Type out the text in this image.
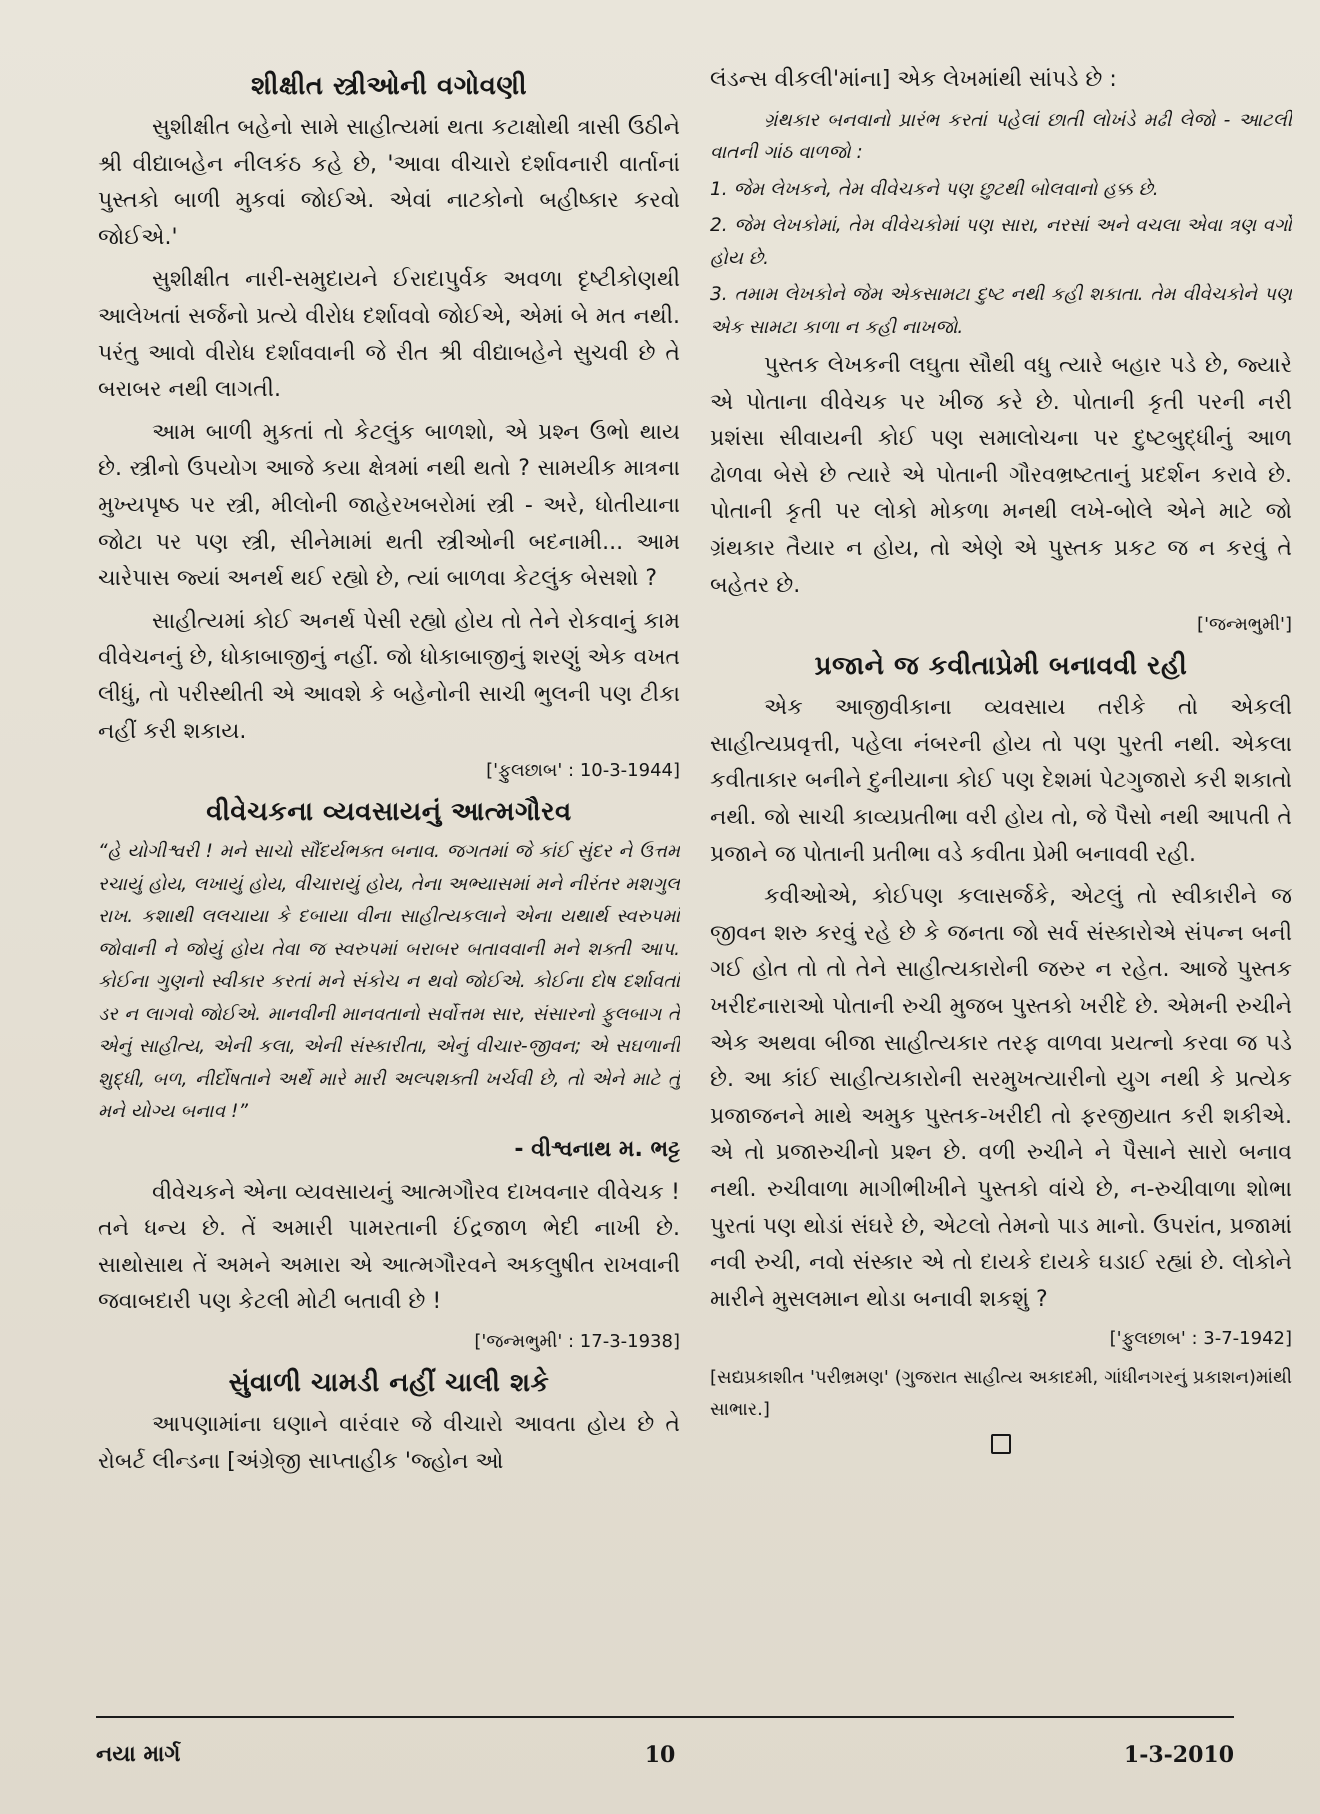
શીક્ષીત સ્ત્રીઓની વગોવણી

સુશીક્ષીત બહેનો સામે સાહીત્યમાં થતા કટાક્ષોથી ત્રાસી ઉઠીને શ્રી વીદ્યાબહેન નીલકંઠ કહે છે, 'આવા વીચારો દર્શાવનારી વાર્તાનાં પુસ્તકો બાળી મુકવાં જોઈએ. એવાં નાટકોનો બહીષ્કાર કરવો જોઈએ.'

સુશીક્ષીત નારી-સમુદાયને ઈરાદાપુર્વક અવળા દૃષ્ટીકોણથી આલેખતાં સર્જનો પ્રત્યે વીરોધ દર્શાવવો જોઈએ, એમાં બે મત નથી. પરંતુ આવો વીરોધ દર્શાવવાની જે રીત શ્રી વીદ્યાબહેને સુચવી છે તે બરાબર નથી લાગતી.

આમ બાળી મુકતાં તો કેટલુંક બાળશો, એ પ્રશ્ન ઉભો થાય છે. સ્ત્રીનો ઉપયોગ આજે કયા ક્ષેત્રમાં નથી થતો ? સામયીક માત્રના મુખ્યપૃષ્ઠ પર સ્ત્રી, મીલોની જાહેરખબરોમાં સ્ત્રી - અરે, ધોતીયાના જોટા પર પણ સ્ત્રી, સીનેમામાં થતી સ્ત્રીઓની બદનામી... આમ ચારેપાસ જ્યાં અનર્થ થઈ રહ્યો છે, ત્યાં બાળવા કેટલુંક બેસશો ?

સાહીત્યમાં કોઈ અનર્થ પેસી રહ્યો હોય તો તેને રોકવાનું કામ વીવેચનનું છે, ધોકાબાજીનું નહીં. જો ધોકાબાજીનું શરણું એક વખત લીધું, તો પરીસ્થીતી એ આવશે કે બહેનોની સાચી ભુલની પણ ટીકા નહીં કરી શકાય.

['ફુલછાબ' : 10-3-1944]
વીવેચકના વ્યવસાયનું આત્મગૌરવ

“હે યોગીશ્વરી ! મને સાચો સૌંદર્યભક્ત બનાવ. જગતમાં જે કાંઈ સુંદર ને ઉત્તમ રચાયું હોય, લખાયું હોય, વીચારાયું હોય, તેના અભ્યાસમાં મને નીરંતર મશગુલ રાખ. કશાથી લલચાયા કે દબાયા વીના સાહીત્યકલાને એના યથાર્થ સ્વરુપમાં જોવાની ને જોયું હોય તેવા જ સ્વરુપમાં બરાબર બતાવવાની મને શક્તી આપ. કોઈના ગુણનો સ્વીકાર કરતાં મને સંકોચ ન થવો જોઈએ. કોઈના દોષ દર્શાવતાં ડર ન લાગવો જોઈએ. માનવીની માનવતાનો સર્વોત્તમ સાર, સંસારનો ફુલબાગ તે એનું સાહીત્ય, એની કલા, એની સંસ્કારીતા, એનું વીચાર-જીવન; એ સઘળાની શુદ્ધી, બળ, નીર્દોષતાને અર્થે મારે મારી અલ્પશક્તી ખર્ચવી છે, તો એને માટે તું મને યોગ્ય બનાવ !”

- વીશ્વનાથ મ. ભટ્ટ

વીવેચકને એના વ્યવસાયનું આત્મગૌરવ દાખવનાર વીવેચક ! તને ધન્ય છે. તેં અમારી પામરતાની ઈંદ્રજાળ ભેદી નાખી છે. સાથોસાથ તેં અમને અમારા એ આત્મગૌરવને અકલુષીત રાખવાની જવાબદારી પણ કેટલી મોટી બતાવી છે !

['જન્મભુમી' : 17-3-1938]
સુંવાળી ચામડી નહીં ચાલી શકે

આપણામાંના ઘણાને વારંવાર જે વીચારો આવતા હોય છે તે રોબર્ટ લીન્ડના [અંગ્રેજી સાપ્તાહીક 'જ્હોન ઓ

લંડન્સ વીકલી'માંના] એક લેખમાંથી સાંપડે છે :

ગ્રંથકાર બનવાનો પ્રારંભ કરતાં પહેલાં છાતી લોખંડે મઢી લેજો - આટલી વાતની ગાંઠ વાળજો :

1. જેમ લેખકને, તેમ વીવેચકને પણ છુટથી બોલવાનો હક્ક છે.

2. જેમ લેખકોમાં, તેમ વીવેચકોમાં પણ સારા, નરસાં અને વચલા એવા ત્રણ વર્ગો હોય છે.

3. તમામ લેખકોને જેમ એકસામટા દુષ્ટ નથી કહી શકાતા. તેમ વીવેચકોને પણ એક સામટા કાળા ન કહી નાખજો.

પુસ્તક લેખકની લઘુતા સૌથી વધુ ત્યારે બહાર પડે છે, જ્યારે એ પોતાના વીવેચક પર ખીજ કરે છે. પોતાની કૃતી પરની નરી પ્રશંસા સીવાયની કોઈ પણ સમાલોચના પર દુષ્ટબુદ્ધીનું આળ ઢોળવા બેસે છે ત્યારે એ પોતાની ગૌરવભ્રષ્ટતાનું પ્રદર્શન કરાવે છે. પોતાની કૃતી પર લોકો મોકળા મનથી લખે-બોલે એને માટે જો ગ્રંથકાર તૈયાર ન હોય, તો એણે એ પુસ્તક પ્રકટ જ ન કરવું તે બહેતર છે.

['જન્મભુમી']
પ્રજાને જ કવીતાપ્રેમી બનાવવી રહી

એક આજીવીકાના વ્યવસાય તરીકે તો એકલી સાહીત્યપ્રવૃત્તી, પહેલા નંબરની હોય તો પણ પુરતી નથી. એકલા કવીતાકાર બનીને દુનીયાના કોઈ પણ દેશમાં પેટગુજારો કરી શકાતો નથી. જો સાચી કાવ્યપ્રતીભા વરી હોય તો, જે પૈસો નથી આપતી તે પ્રજાને જ પોતાની પ્રતીભા વડે કવીતા પ્રેમી બનાવવી રહી.

કવીઓએ, કોઈપણ કલાસર્જકે, એટલું તો સ્વીકારીને જ જીવન શરુ કરવું રહે છે કે જનતા જો સર્વ સંસ્કારોએ સંપન્ન બની ગઈ હોત તો તો તેને સાહીત્યકારોની જરુર ન રહેત. આજે પુસ્તક ખરીદનારાઓ પોતાની રુચી મુજબ પુસ્તકો ખરીદે છે. એમની રુચીને એક અથવા બીજા સાહીત્યકાર તરફ વાળવા પ્રયત્નો કરવા જ પડે છે. આ કાંઈ સાહીત્યકારોની સરમુખત્યારીનો યુગ નથી કે પ્રત્યેક પ્રજાજનને માથે અમુક પુસ્તક-ખરીદી તો ફરજીયાત કરી શકીએ. એ તો પ્રજારુચીનો પ્રશ્ન છે. વળી રુચીને ને પૈસાને સારો બનાવ નથી. રુચીવાળા માગીભીખીને પુસ્તકો વાંચે છે, ન-રુચીવાળા શોભા પુરતાં પણ થોડાં સંઘરે છે, એટલો તેમનો પાડ માનો. ઉપરાંત, પ્રજામાં નવી રુચી, નવો સંસ્કાર એ તો દાયકે દાયકે ઘડાઈ રહ્યાં છે. લોકોને મારીને મુસલમાન થોડા બનાવી શકશું ?

['ફુલછાબ' : 3-7-1942]

[સદ્યપ્રકાશીત 'પરીભ્રમણ' (ગુજરાત સાહીત્ય અકાદમી, ગાંધીનગરનું પ્રકાશન)માંથી સાભાર.]

નયા માર્ગ	10	1-3-2010
